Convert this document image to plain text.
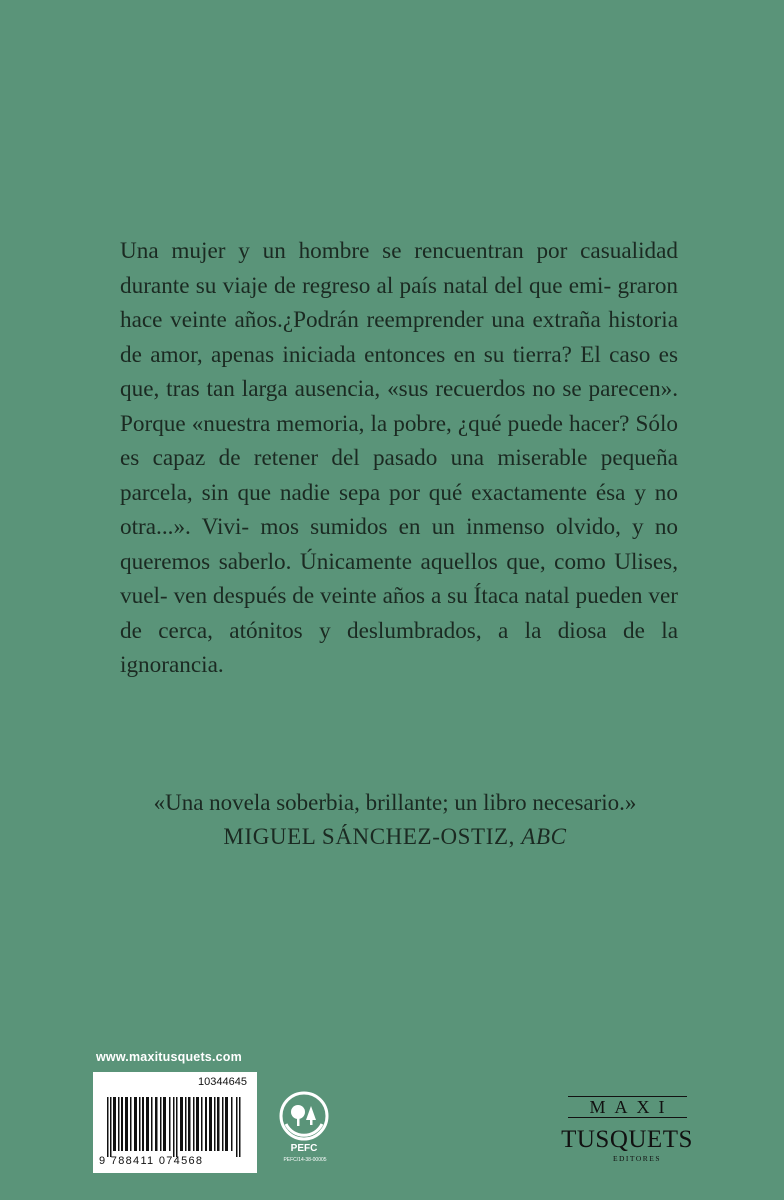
Una mujer y un hombre se rencuentran por casualidad durante su viaje de regreso al país natal del que emi- graron hace veinte años.¿Podrán reemprender una extraña historia de amor, apenas iniciada entonces en su tierra? El caso es que, tras tan larga ausencia, «sus recuerdos no se parecen». Porque «nuestra memoria, la pobre, ¿qué puede hacer? Sólo es capaz de retener del pasado una miserable pequeña parcela, sin que nadie sepa por qué exactamente ésa y no otra...». Vivi- mos sumidos en un inmenso olvido, y no queremos saberlo. Únicamente aquellos que, como Ulises, vuel- ven después de veinte años a su Ítaca natal pueden ver de cerca, atónitos y deslumbrados, a la diosa de la ignorancia.

«Una novela soberbia, brillante; un libro necesario.»
MIGUEL SÁNCHEZ-OSTIZ, ABC
www.maxitusquets.com
10344645
9 788411 074568
PEFC
PEFC/14-38-00005
MAXI
TUSQUETS
EDITORES
